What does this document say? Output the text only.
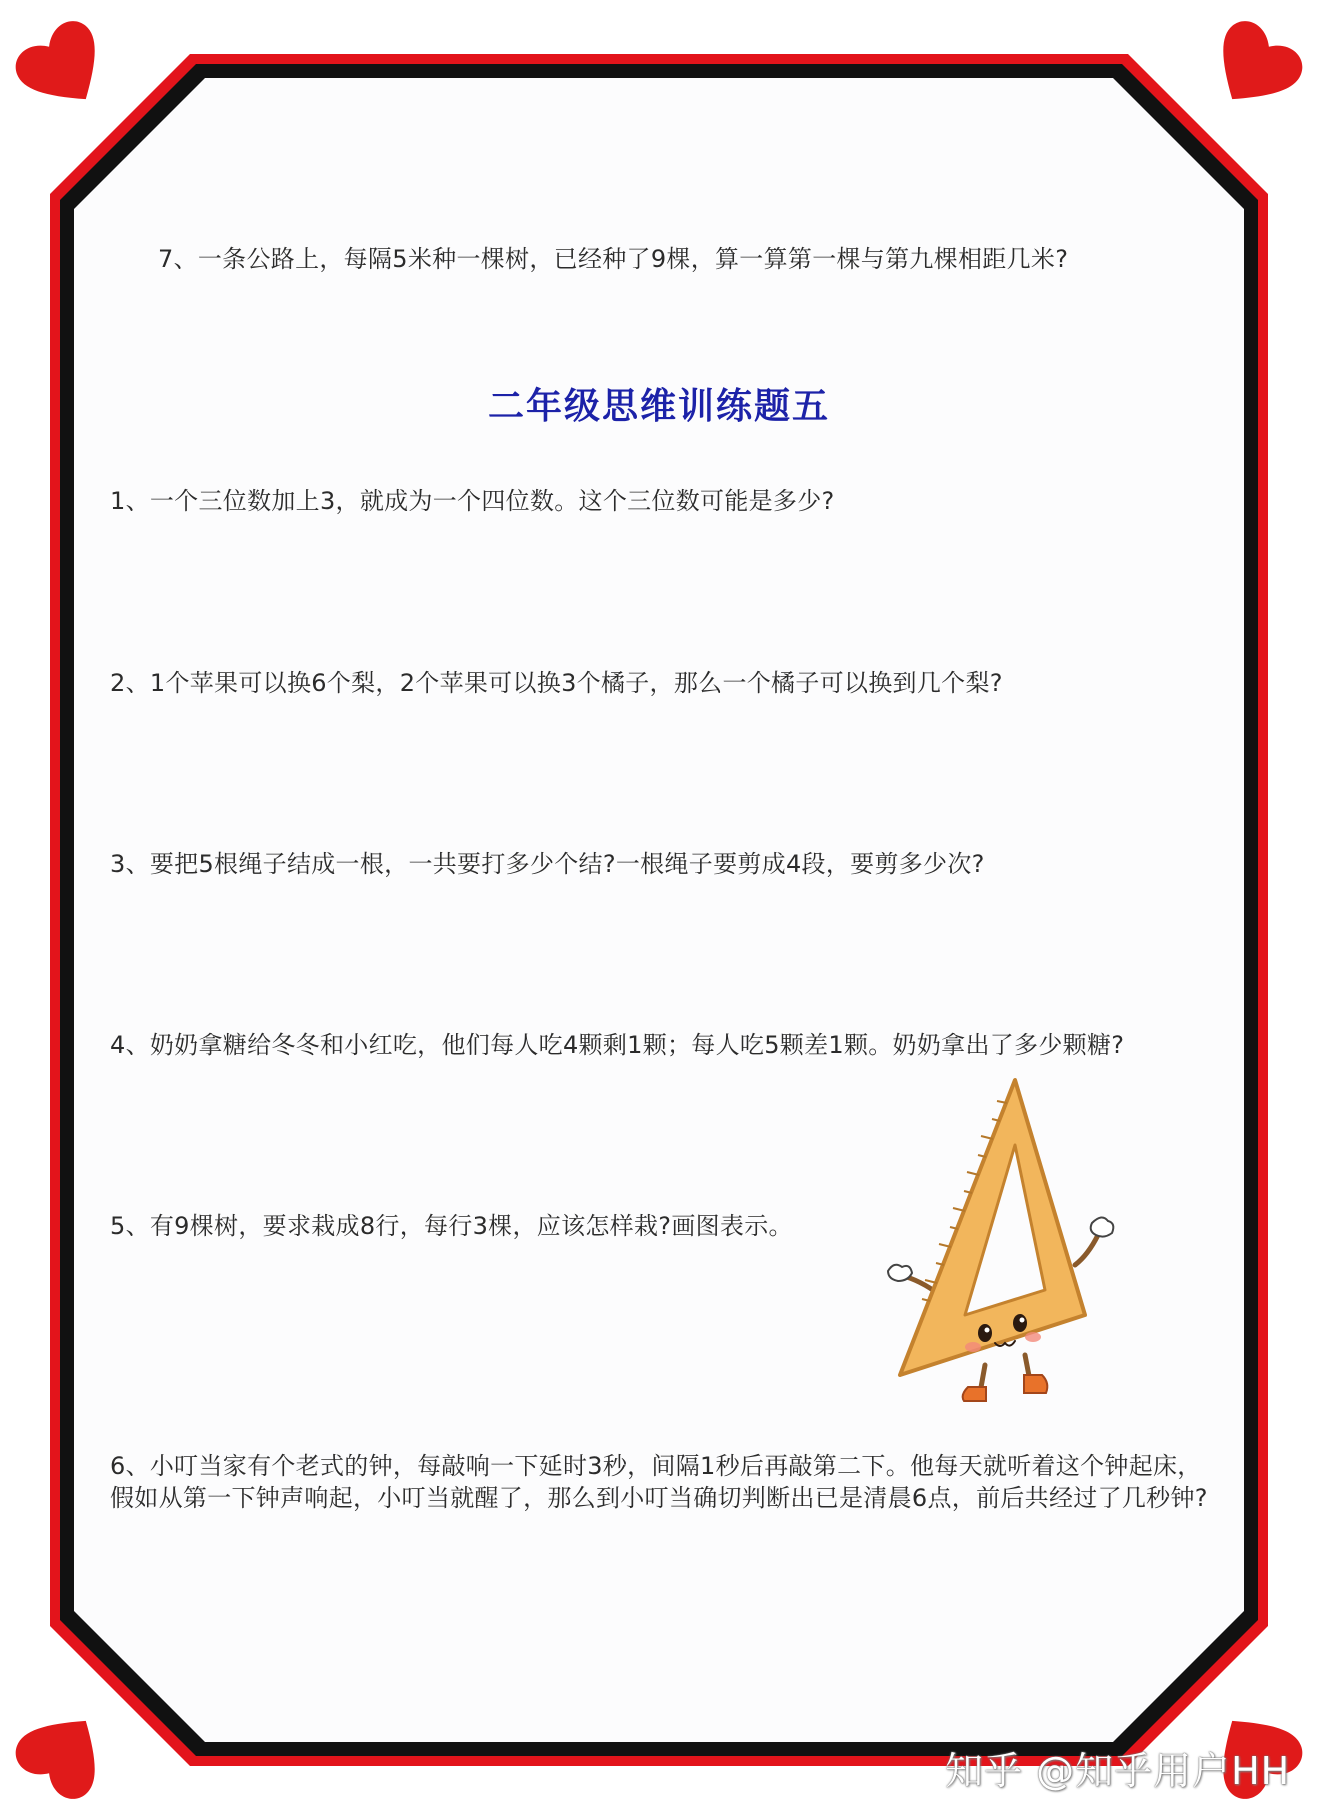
7、一条公路上，每隔5米种一棵树，已经种了9棵，算一算第一棵与第九棵相距几米?

二年级思维训练题五

1、一个三位数加上3，就成为一个四位数。这个三位数可能是多少?

2、1个苹果可以换6个梨，2个苹果可以换3个橘子，那么一个橘子可以换到几个梨?

3、要把5根绳子结成一根，一共要打多少个结?一根绳子要剪成4段，要剪多少次?

4、奶奶拿糖给冬冬和小红吃，他们每人吃4颗剩1颗；每人吃5颗差1颗。奶奶拿出了多少颗糖?

5、有9棵树，要求栽成8行，每行3棵，应该怎样栽?画图表示。

6、小叮当家有个老式的钟，每敲响一下延时3秒，间隔1秒后再敲第二下。他每天就听着这个钟起床，假如从第一下钟声响起，小叮当就醒了，那么到小叮当确切判断出已是清晨6点，前后共经过了几秒钟?

知乎 @知乎用户HH
